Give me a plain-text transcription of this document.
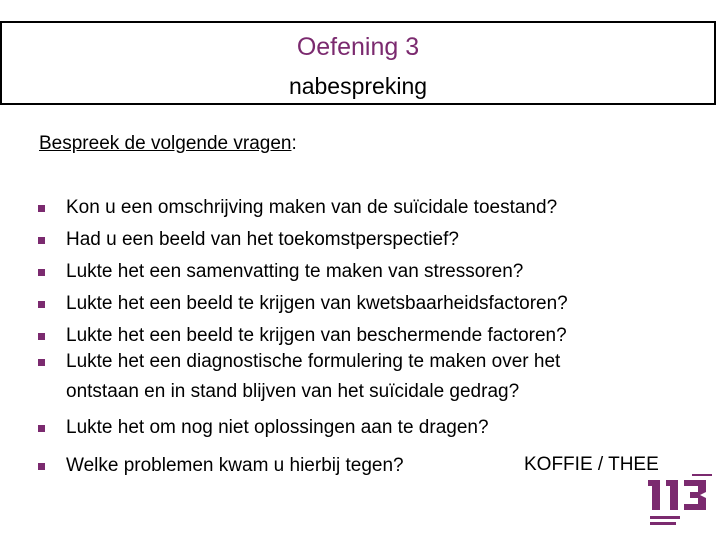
Oefening 3
nabespreking
Bespreek de volgende vragen:
Kon u een omschrijving maken van de suïcidale toestand?
Had u een beeld van het toekomstperspectief?
Lukte het een samenvatting te maken van stressoren?
Lukte het een beeld te krijgen van kwetsbaarheidsfactoren?
Lukte het een beeld te krijgen van beschermende factoren?
Lukte het een diagnostische formulering te maken over het
ontstaan en in stand blijven van het suïcidale gedrag?
Lukte het om nog niet oplossingen aan te dragen?
Welke problemen kwam u hierbij tegen?	KOFFIE / THEE
